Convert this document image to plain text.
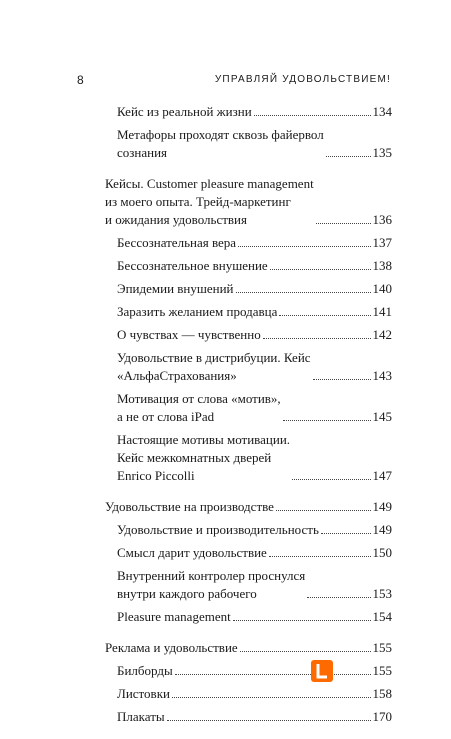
8	УПРАВЛЯЙ УДОВОЛЬСТВИЕМ!
Кейс из реальной жизни	134
Метафоры проходят сквозь файервол
сознания	135
Кейсы. Customer pleasure management
из моего опыта. Трейд-маркетинг
и ожидания удовольствия	136
Бессознательная вера	137
Бессознательное внушение	138
Эпидемии внушений	140
Заразить желанием продавца	141
О чувствах — чувственно	142
Удовольствие в дистрибуции. Кейс
«АльфаСтрахования»	143
Мотивация от слова «мотив»,
а не от слова iPad	145
Настоящие мотивы мотивации.
Кейс межкомнатных дверей
Enrico Piccolli	147
Удовольствие на производстве	149
Удовольствие и производительность	149
Смысл дарит удовольствие	150
Внутренний контролер проснулся
внутри каждого рабочего	153
Pleasure management	154
Реклама и удовольствие	155
Билборды	155
Листовки	158
Плакаты	170
